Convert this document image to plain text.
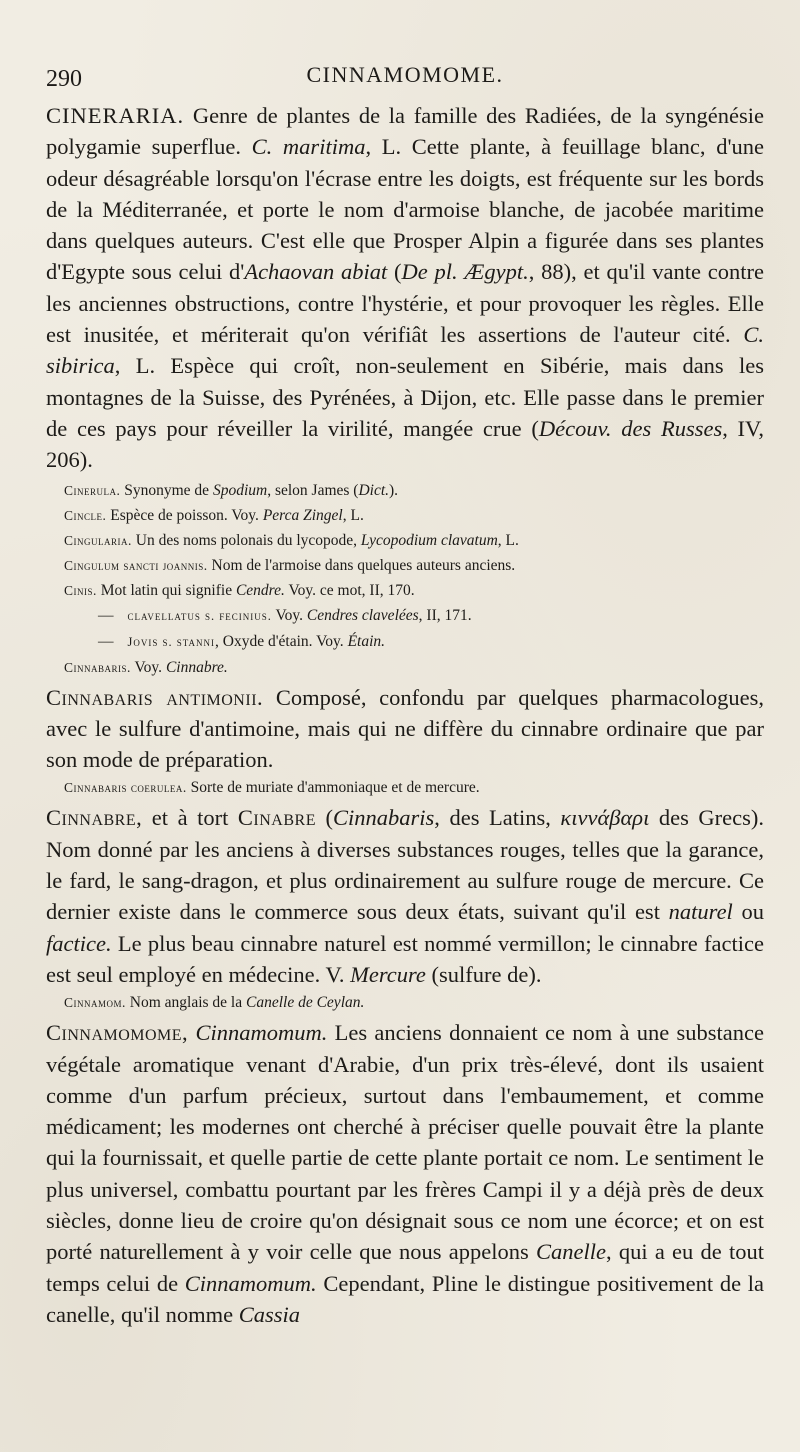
290	CINNAMOMOME.

CINERARIA. Genre de plantes de la famille des Radiées, de la syngénésie polygamie superflue. C. maritima, L. Cette plante, à feuillage blanc, d'une odeur désagréable lorsqu'on l'écrase entre les doigts, est fréquente sur les bords de la Méditerranée, et porte le nom d'armoise blanche, de jacobée maritime dans quelques auteurs. C'est elle que Prosper Alpin a figurée dans ses plantes d'Egypte sous celui d'Achaovan abiat (De pl. Ægypt., 88), et qu'il vante contre les anciennes obstructions, contre l'hystérie, et pour provoquer les règles. Elle est inusitée, et mériterait qu'on vérifiât les assertions de l'auteur cité. C. sibirica, L. Espèce qui croît, non-seulement en Sibérie, mais dans les montagnes de la Suisse, des Pyrénées, à Dijon, etc. Elle passe dans le premier de ces pays pour réveiller la virilité, mangée crue (Découv. des Russes, IV, 206).

Cinerula. Synonyme de Spodium, selon James (Dict.).

Cincle. Espèce de poisson. Voy. Perca Zingel, L.

Cingularia. Un des noms polonais du lycopode, Lycopodium clavatum, L.

Cingulum sancti joannis. Nom de l'armoise dans quelques auteurs anciens.

Cinis. Mot latin qui signifie Cendre. Voy. ce mot, II, 170.

— clavellatus s. fecinius. Voy. Cendres clavelées, II, 171.

— Jovis s. stanni, Oxyde d'étain. Voy. Étain.

Cinnabaris. Voy. Cinnabre.

Cinnabaris antimonii. Composé, confondu par quelques pharmacologues, avec le sulfure d'antimoine, mais qui ne diffère du cinnabre ordinaire que par son mode de préparation.

Cinnabaris coerulea. Sorte de muriate d'ammoniaque et de mercure.

Cinnabre, et à tort Cinabre (Cinnabaris, des Latins, κιννάβαρι des Grecs). Nom donné par les anciens à diverses substances rouges, telles que la garance, le fard, le sang-dragon, et plus ordinairement au sulfure rouge de mercure. Ce dernier existe dans le commerce sous deux états, suivant qu'il est naturel ou factice. Le plus beau cinnabre naturel est nommé vermillon; le cinnabre factice est seul employé en médecine. V. Mercure (sulfure de).

Cinnamom. Nom anglais de la Canelle de Ceylan.

Cinnamomome, Cinnamomum. Les anciens donnaient ce nom à une substance végétale aromatique venant d'Arabie, d'un prix très-élevé, dont ils usaient comme d'un parfum précieux, surtout dans l'embaumement, et comme médicament; les modernes ont cherché à préciser quelle pouvait être la plante qui la fournissait, et quelle partie de cette plante portait ce nom. Le sentiment le plus universel, combattu pourtant par les frères Campi il y a déjà près de deux siècles, donne lieu de croire qu'on désignait sous ce nom une écorce; et on est porté naturellement à y voir celle que nous appelons Canelle, qui a eu de tout temps celui de Cinnamomum. Cependant, Pline le distingue positivement de la canelle, qu'il nomme Cassia
